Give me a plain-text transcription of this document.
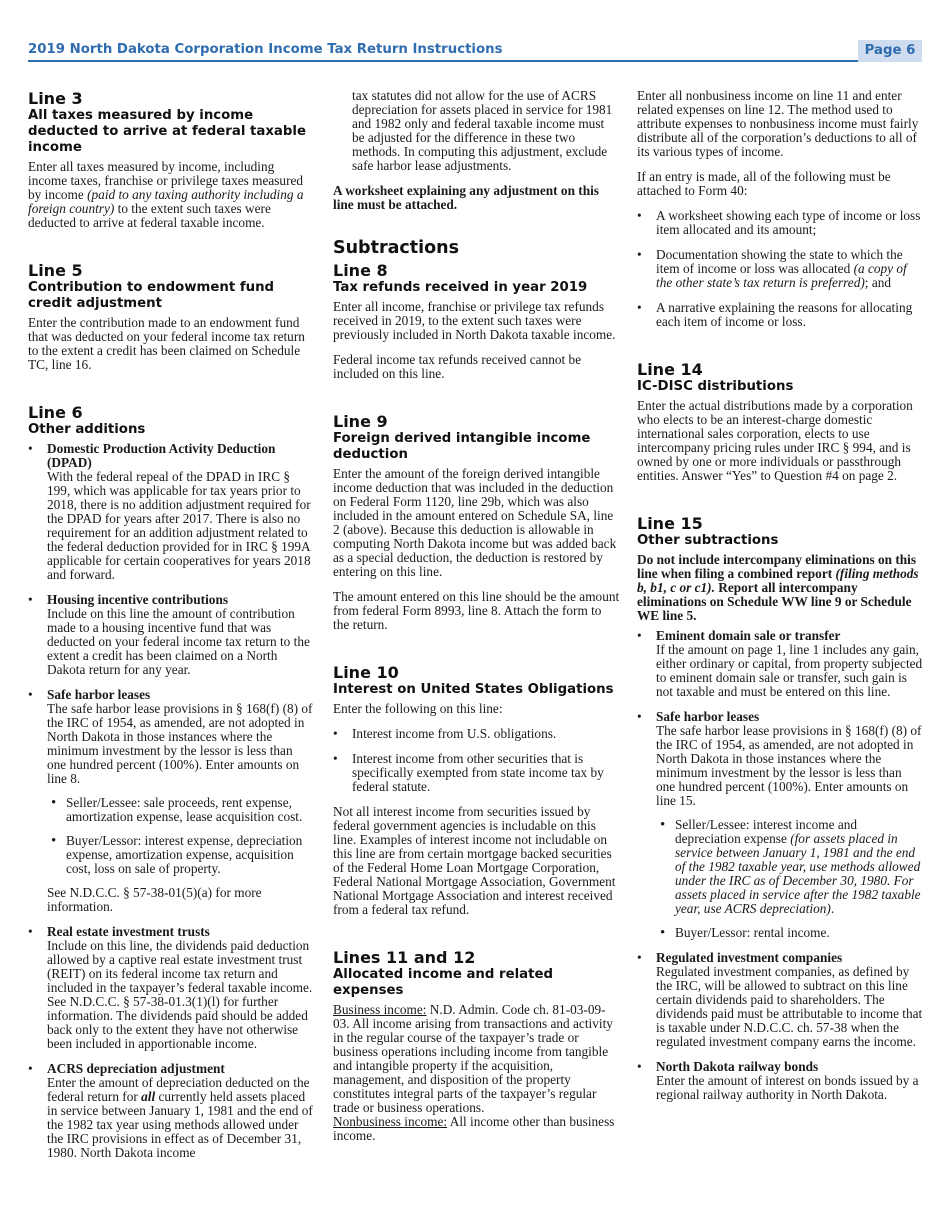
2019 North Dakota Corporation Income Tax Return Instructions	Page 6
Line 3
All taxes measured by income deducted to arrive at federal taxable income

Enter all taxes measured by income, including income taxes, franchise or privilege taxes measured by income (paid to any taxing authority including a foreign country) to the extent such taxes were deducted to arrive at federal taxable income.

Line 5
Contribution to endowment fund credit adjustment

Enter the contribution made to an endowment fund that was deducted on your federal income tax return to the extent a credit has been claimed on Schedule TC, line 16.

Line 6
Other additions
• Domestic Production Activity Deduction (DPAD)
With the federal repeal of the DPAD in IRC § 199, which was applicable for tax years prior to 2018, there is no addition adjustment required for the DPAD for years after 2017. There is also no requirement for an addition adjustment related to the federal deduction provided for in IRC § 199A applicable for certain cooperatives for years 2018 and forward.
• Housing incentive contributions
Include on this line the amount of contribution made to a housing incentive fund that was deducted on your federal income tax return to the extent a credit has been claimed on a North Dakota return for any year.
• Safe harbor leases
The safe harbor lease provisions in § 168(f) (8) of the IRC of 1954, as amended, are not adopted in North Dakota in those instances where the minimum investment by the lessor is less than one hundred percent (100%). Enter amounts on line 8.
• Seller/Lessee: sale proceeds, rent expense, amortization expense, lease acquisition cost.
• Buyer/Lessor: interest expense, depreciation expense, amortization expense, acquisition cost, loss on sale of property.
See N.D.C.C. § 57-38-01(5)(a) for more information.
• Real estate investment trusts
Include on this line, the dividends paid deduction allowed by a captive real estate investment trust (REIT) on its federal income tax return and included in the taxpayer’s federal taxable income. See N.D.C.C. § 57-38-01.3(1)(l) for further information. The dividends paid should be added back only to the extent they have not otherwise been included in apportionable income.
• ACRS depreciation adjustment
Enter the amount of depreciation deducted on the federal return for all currently held assets placed in service between January 1, 1981 and the end of the 1982 tax year using methods allowed under the IRC provisions in effect as of December 31, 1980. North Dakota income

tax statutes did not allow for the use of ACRS depreciation for assets placed in service for 1981 and 1982 only and federal taxable income must be adjusted for the difference in these two methods. In computing this adjustment, exclude safe harbor lease adjustments.

A worksheet explaining any adjustment on this line must be attached.

Subtractions
Line 8
Tax refunds received in year 2019

Enter all income, franchise or privilege tax refunds received in 2019, to the extent such taxes were previously included in North Dakota taxable income.

Federal income tax refunds received cannot be included on this line.

Line 9
Foreign derived intangible income deduction

Enter the amount of the foreign derived intangible income deduction that was included in the deduction on Federal Form 1120, line 29b, which was also included in the amount entered on Schedule SA, line 2 (above). Because this deduction is allowable in computing North Dakota income but was added back as a special deduction, the deduction is restored by entering on this line.

The amount entered on this line should be the amount from federal Form 8993, line 8. Attach the form to the return.

Line 10
Interest on United States Obligations

Enter the following on this line:

• Interest income from U.S. obligations.
• Interest income from other securities that is specifically exempted from state income tax by federal statute.

Not all interest income from securities issued by federal government agencies is includable on this line. Examples of interest income not includable on this line are from certain mortgage backed securities of the Federal Home Loan Mortgage Corporation, Federal National Mortgage Association, Government National Mortgage Association and interest received from a federal tax refund.

Lines 11 and 12
Allocated income and related expenses

Business income: N.D. Admin. Code ch. 81-03-09-03. All income arising from transactions and activity in the regular course of the taxpayer’s trade or business operations including income from tangible and intangible property if the acquisition, management, and disposition of the property constitutes integral parts of the taxpayer’s regular trade or business operations.

Nonbusiness income: All income other than business income.

Enter all nonbusiness income on line 11 and enter related expenses on line 12. The method used to attribute expenses to nonbusiness income must fairly distribute all of the corporation’s deductions to all of its various types of income.

If an entry is made, all of the following must be attached to Form 40:

• A worksheet showing each type of income or loss item allocated and its amount;
• Documentation showing the state to which the item of income or loss was allocated (a copy of the other state’s tax return is preferred); and
• A narrative explaining the reasons for allocating each item of income or loss.
Line 14
IC-DISC distributions

Enter the actual distributions made by a corporation who elects to be an interest-charge domestic international sales corporation, elects to use intercompany pricing rules under IRC § 994, and is owned by one or more individuals or passthrough entities. Answer “Yes” to Question #4 on page 2.

Line 15
Other subtractions

Do not include intercompany eliminations on this line when filing a combined report (filing methods b, b1, c or c1). Report all intercompany eliminations on Schedule WW line 9 or Schedule WE line 5.

• Eminent domain sale or transfer
If the amount on page 1, line 1 includes any gain, either ordinary or capital, from property subjected to eminent domain sale or transfer, such gain is not taxable and must be entered on this line.
• Safe harbor leases
The safe harbor lease provisions in § 168(f) (8) of the IRC of 1954, as amended, are not adopted in North Dakota in those instances where the minimum investment by the lessor is less than one hundred percent (100%). Enter amounts on line 15.
• Seller/Lessee: interest income and depreciation expense (for assets placed in service between January 1, 1981 and the end of the 1982 taxable year, use methods allowed under the IRC as of December 30, 1980. For assets placed in service after the 1982 taxable year, use ACRS depreciation).
• Buyer/Lessor: rental income.
• Regulated investment companies
Regulated investment companies, as defined by the IRC, will be allowed to subtract on this line certain dividends paid to shareholders. The dividends paid must be attributable to income that is taxable under N.D.C.C. ch. 57-38 when the regulated investment company earns the income.
• North Dakota railway bonds
Enter the amount of interest on bonds issued by a regional railway authority in North Dakota.
